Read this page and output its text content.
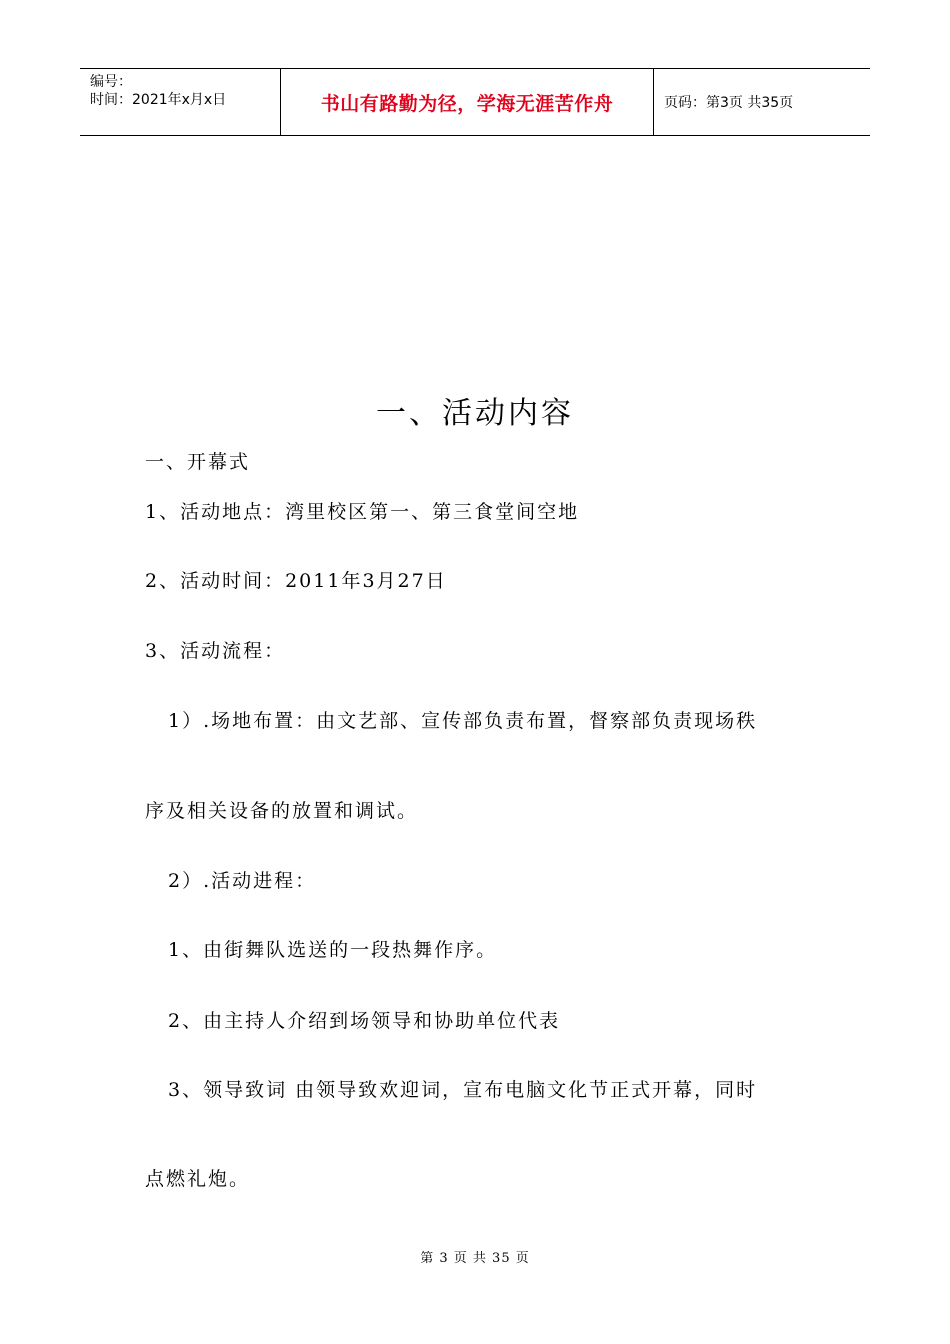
编号：
时间：2021年x月x日	书山有路勤为径，学海无涯苦作舟	页码：第3页 共35页
一、活动内容
一、开幕式
1、活动地点：湾里校区第一、第三食堂间空地
2、活动时间：2011年3月27日
3、活动流程：
1）.场地布置：由文艺部、宣传部负责布置，督察部负责现场秩
序及相关设备的放置和调试。
2）.活动进程：
1、由街舞队选送的一段热舞作序。
2、由主持人介绍到场领导和协助单位代表
3、领导致词 由领导致欢迎词，宣布电脑文化节正式开幕，同时
点燃礼炮。
第 3 页 共 35 页
